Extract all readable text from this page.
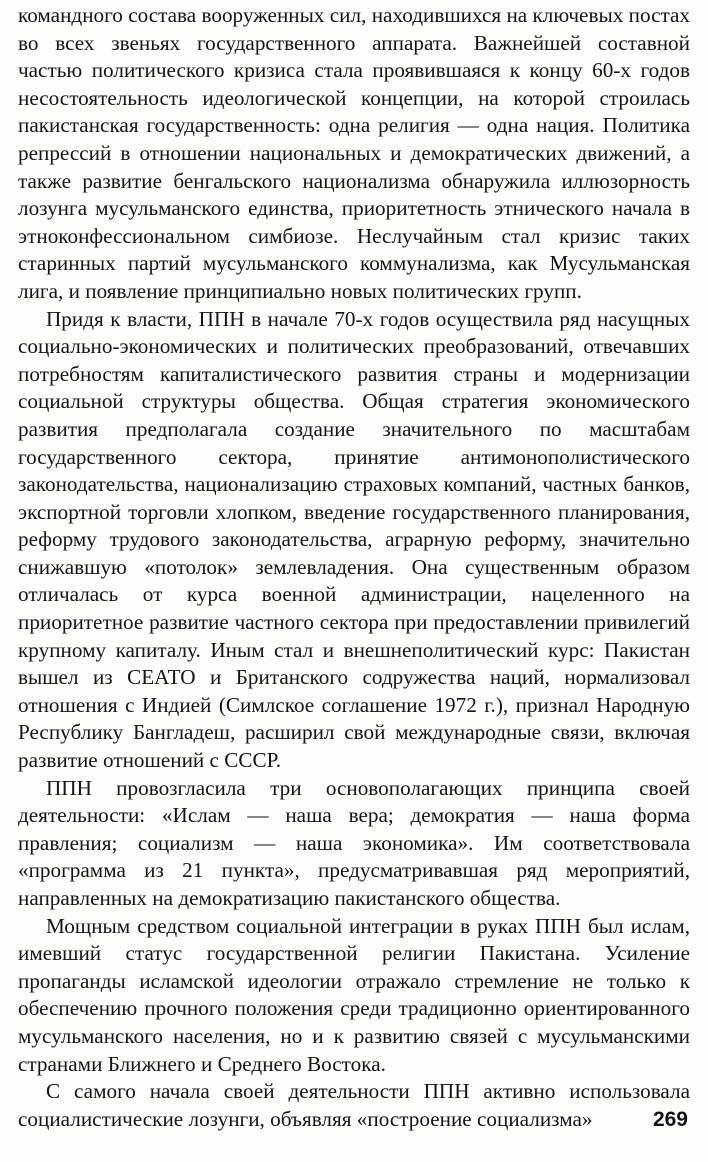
командного состава вооруженных сил, находившихся на ключевых постах во всех звеньях государственного аппарата. Важнейшей составной частью политического кризиса стала проявившаяся к концу 60-х годов несостоятельность идеологической концепции, на которой строилась пакистанская государственность: одна религия — одна нация. Политика репрессий в отношении национальных и демократических движений, а также развитие бенгальского национализма обнаружила иллюзорность лозунга мусульманского единства, приоритетность этнического начала в этноконфессиональном симбиозе. Неслучайным стал кризис таких старинных партий мусульманского коммунализма, как Мусульманская лига, и появление принципиально новых политических групп.

Придя к власти, ППН в начале 70-х годов осуществила ряд насущных социально-экономических и политических преобразований, отвечавших потребностям капиталистического развития страны и модернизации социальной структуры общества. Общая стратегия экономического развития предполагала создание значительного по масштабам государственного сектора, принятие антимонополистического законодательства, национализацию страховых компаний, частных банков, экспортной торговли хлопком, введение государственного планирования, реформу трудового законодательства, аграрную реформу, значительно снижавшую «потолок» землевладения. Она существенным образом отличалась от курса военной администрации, нацеленного на приоритетное развитие частного сектора при предоставлении привилегий крупному капиталу. Иным стал и внешнеполитический курс: Пакистан вышел из СЕАТО и Британского содружества наций, нормализовал отношения с Индией (Симлское соглашение 1972 г.), признал Народную Республику Бангладеш, расширил свой международные связи, включая развитие отношений с СССР.

ППН провозгласила три основополагающих принципа своей деятельности: «Ислам — наша вера; демократия — наша форма правления; социализм — наша экономика». Им соответствовала «программа из 21 пункта», предусматривавшая ряд мероприятий, направленных на демократизацию пакистанского общества.

Мощным средством социальной интеграции в руках ППН был ислам, имевший статус государственной религии Пакистана. Усиление пропаганды исламской идеологии отражало стремление не только к обеспечению прочного положения среди традиционно ориентированного мусульманского населения, но и к развитию связей с мусульманскими странами Ближнего и Среднего Востока.

С самого начала своей деятельности ППН активно использовала социалистические лозунги, объявляя «построение социализма»	269
